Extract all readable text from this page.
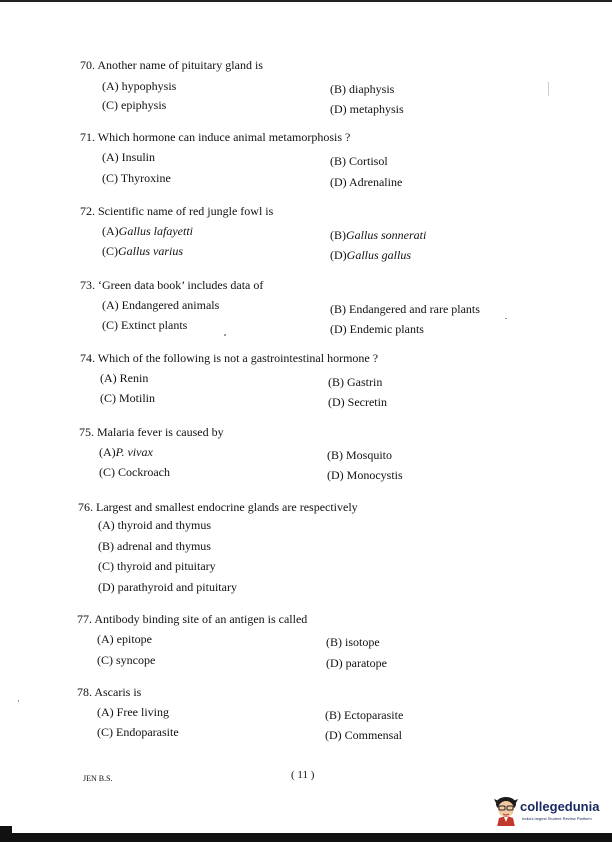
70. Another name of pituitary gland is
(A) hypophysis	(B) diaphysis
(C) epiphysis	(D) metaphysis
71. Which hormone can induce animal metamorphosis ?
(A) Insulin	(B) Cortisol
(C) Thyroxine	(D) Adrenaline
72. Scientific name of red jungle fowl is
(A)Gallus lafayetti	(B)Gallus sonnerati
(C)Gallus varius	(D)Gallus gallus
73. ‘Green data book’ includes data of
(A) Endangered animals	(B) Endangered and rare plants
(C) Extinct plants	(D) Endemic plants
74. Which of the following is not a gastrointestinal hormone ?
(A) Renin	(B) Gastrin
(C) Motilin	(D) Secretin
75. Malaria fever is caused by
(A)P. vivax	(B) Mosquito
(C) Cockroach	(D) Monocystis
76. Largest and smallest endocrine glands are respectively
(A) thyroid and thymus
(B) adrenal and thymus
(C) thyroid and pituitary
(D) parathyroid and pituitary
77. Antibody binding site of an antigen is called
(A) epitope	(B) isotope
(C) syncope	(D) paratope
78. Ascaris is
(A) Free living	(B) Ectoparasite
(C) Endoparasite	(D) Commensal
JEN B.S.	( 11 )
collegedunia
India's largest Student Review Platform
